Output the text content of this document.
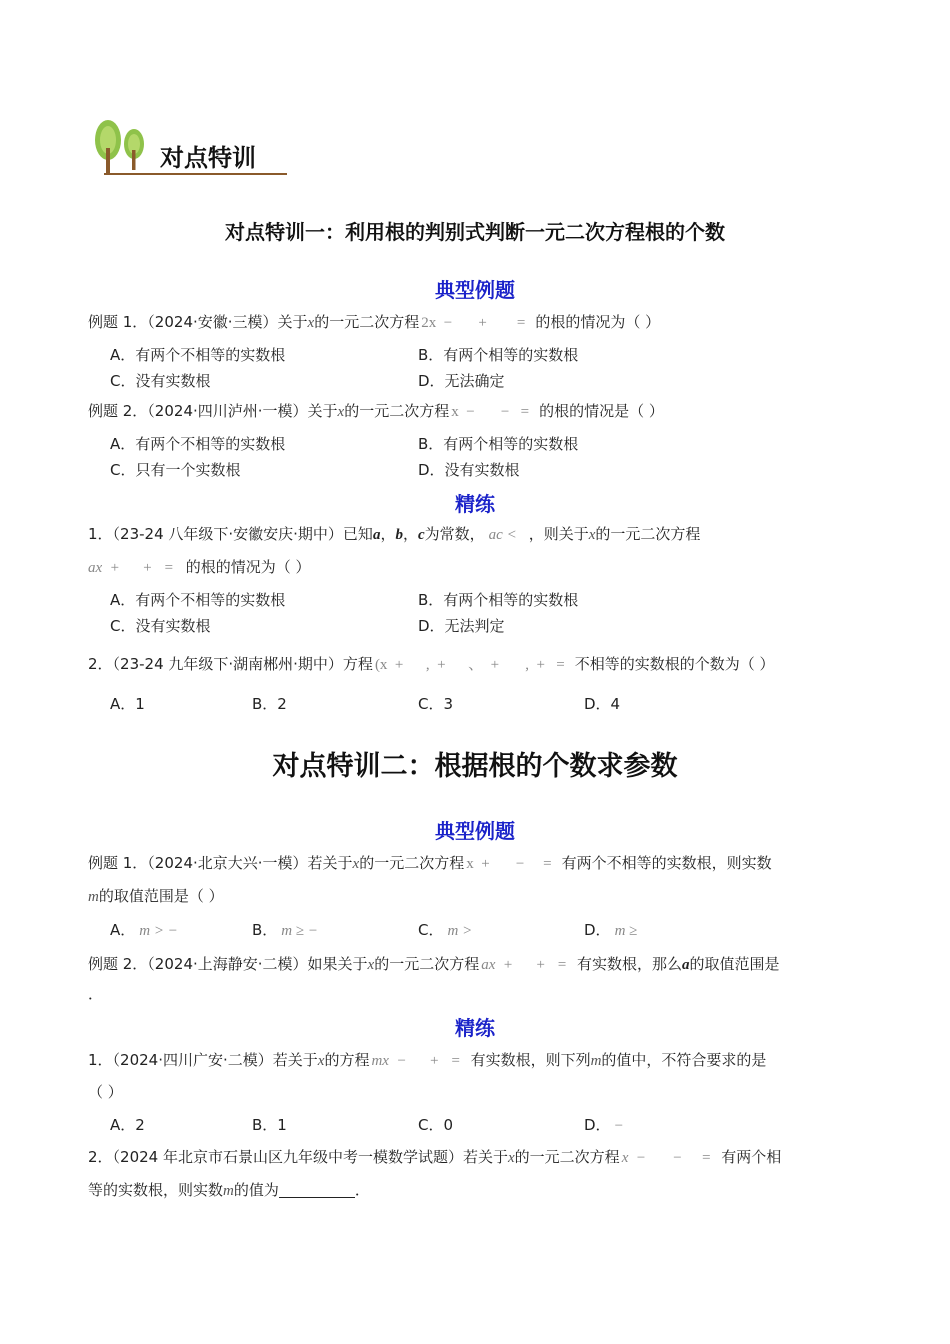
对点特训
对点特训一：利用根的判别式判断一元二次方程根的个数
典型例题
例题 1．（2024·安徽·三模）关于x的一元二次方程 2x  −       +        = 的根的情况为（ ）
A．有两个不相等的实数根	B．有两个相等的实数根
C．没有实数根	D．无法确定
例题 2．（2024·四川泸州·一模）关于x的一元二次方程 x  −       −   = 的根的情况是（ ）
A．有两个不相等的实数根	B．有两个相等的实数根
C．只有一个实数根	D．没有实数根
精练
1．（23-24 八年级下·安徽安庆·期中）已知a，b，c为常数， ac < ，则关于x的一元二次方程
ax  +      +   = 的根的情况为（ ）
A．有两个不相等的实数根	B．有两个相等的实数根
C．没有实数根	D．无法判定
2．（23-24 九年级下·湖南郴州·期中）方程 (x  +      ,  +      、  +       ,  +   = 不相等的实数根的个数为（ ）
A．1	B．2	C．3	D．4
对点特训二：根据根的个数求参数
典型例题
例题 1．（2024·北京大兴·一模）若关于x的一元二次方程 x  +       −     = 有两个不相等的实数根，则实数
m的取值范围是（ ）
A． m > −	B． m ≥ −	C． m >	D． m ≥
例题 2．（2024·上海静安·二模）如果关于x的一元二次方程 ax  +      +   = 有实数根，那么a的取值范围是
．
精练
1．（2024·四川广安·二模）若关于x的方程 mx  −      +   = 有实数根，则下列m的值中，不符合要求的是
（ ）
A．2	B．1	C．0	D． −
2．（2024 年北京市石景山区九年级中考一模数学试题）若关于x的一元二次方程 x  −       −     = 有两个相
等的实数根，则实数m的值为	．
